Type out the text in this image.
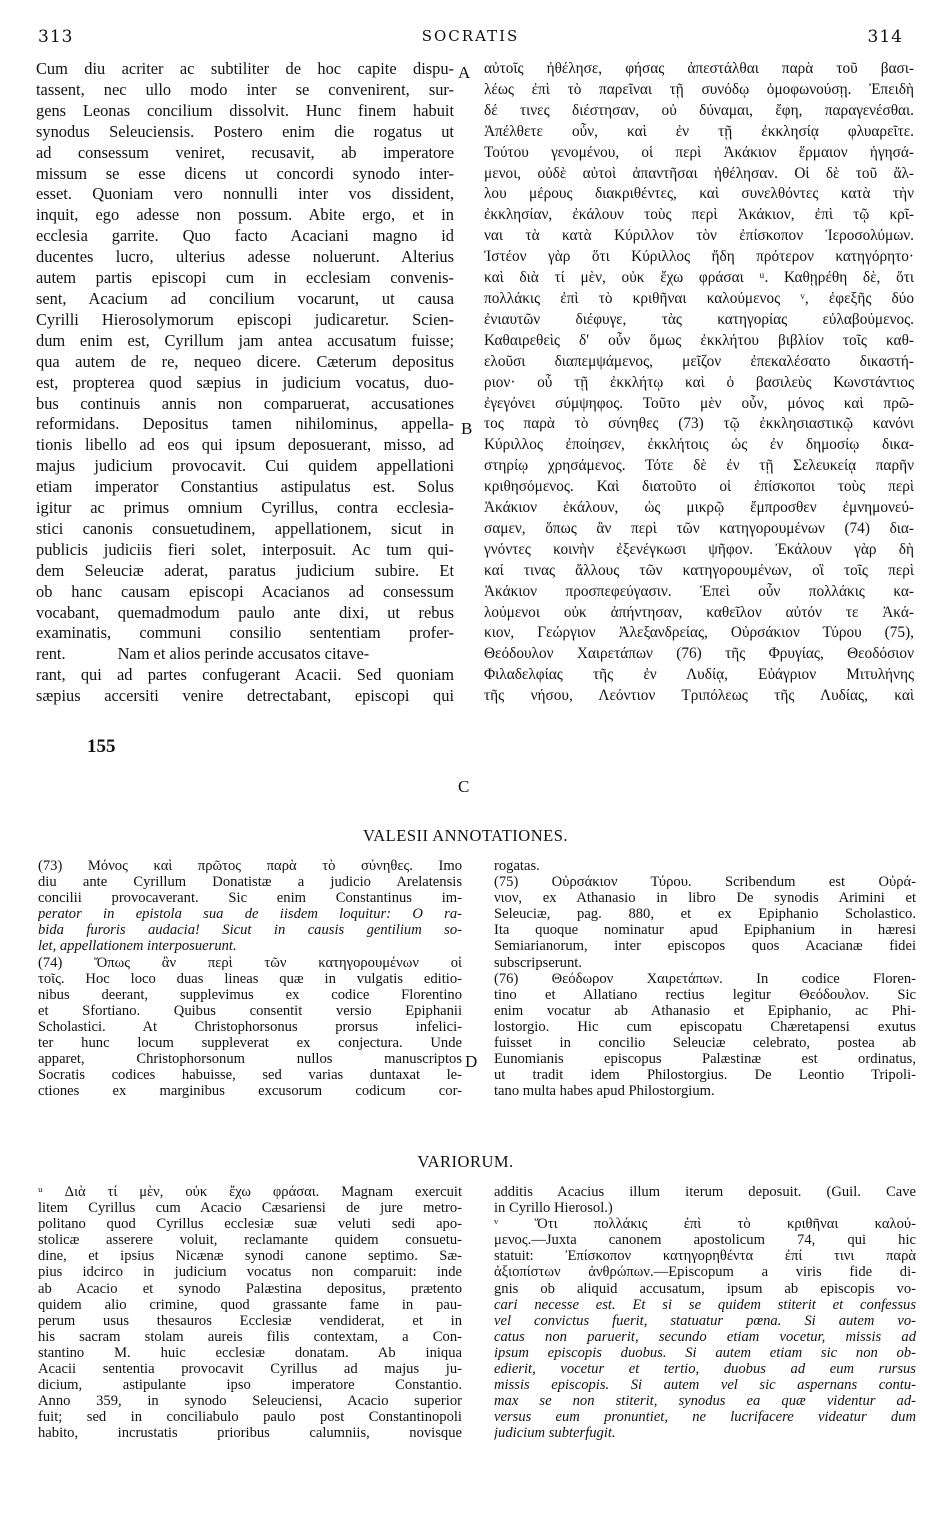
313	SOCRATIS	314
Cum diu acriter ac subtiliter de hoc capite dispu-
tassent, nec ullo modo inter se convenirent, sur-
gens Leonas concilium dissolvit. Hunc finem habuit
synodus Seleuciensis. Postero enim die rogatus ut
ad consessum veniret, recusavit, ab imperatore
missum se esse dicens ut concordi synodo inter-
esset. Quoniam vero nonnulli inter vos dissident,
inquit, ego adesse non possum. Abite ergo, et in
ecclesia garrite. Quo facto Acaciani magno id
ducentes lucro, ulterius adesse noluerunt. Alterius
autem partis episcopi cum in ecclesiam convenis-
sent, Acacium ad concilium vocarunt, ut causa
Cyrilli Hierosolymorum episcopi judicaretur. Scien-
dum enim est, Cyrillum jam antea accusatum fuisse;
qua autem de re, nequeo dicere. Cæterum depositus
est, propterea quod sæpius in judicium vocatus, duo-
bus continuis annis non comparuerat, accusationes
reformidans. Depositus tamen nihilominus, appella-
tionis libello ad eos qui ipsum deposuerant, misso, ad
majus judicium provocavit. Cui quidem appellationi
etiam imperator Constantius astipulatus est. Solus
igitur ac primus omnium Cyrillus, contra ecclesia-
stici canonis consuetudinem, appellationem, sicut in
publicis judiciis fieri solet, interposuit. Ac tum qui-
dem Seleuciæ aderat, paratus judicium subire. Et
ob hanc causam episcopi Acacianos ad consessum
vocabant, quemadmodum paulo ante dixi, ut rebus
examinatis, communi consilio sententiam profer-
rent.	Nam et alios perinde accusatos citave-
rant, qui ad partes confugerant Acacii. Sed quoniam
sæpius accersiti venire detrectabant, episcopi qui
155
A
B
C
D
αὐτοῖς ἠθέλησε, φήσας ἀπεστάλθαι παρὰ τοῦ βασι-
λέως ἐπὶ τὸ παρεῖναι τῇ συνόδῳ ὁμοφωνούσῃ. Ἐπειδὴ
δέ τινες διέστησαν, οὐ δύναμαι, ἔφη, παραγενέσθαι.
Ἀπέλθετε οὖν, καὶ ἐν τῇ ἐκκλησίᾳ φλυαρεῖτε.
Τούτου γενομένου, οἱ περὶ Ἀκάκιον ἕρμαιον ἡγησά-
μενοι, οὐδὲ αὐτοὶ ἀπαντῆσαι ἠθέλησαν. Οἱ δὲ τοῦ ἄλ-
λου μέρους διακριθέντες, καὶ συνελθόντες κατὰ τὴν
ἐκκλησίαν, ἐκάλουν τοὺς περὶ Ἀκάκιον, ἐπὶ τῷ κρῖ-
ναι τὰ κατὰ Κύριλλον τὸν ἐπίσκοπον Ἱεροσολύμων.
Ἰστέον γὰρ ὅτι Κύριλλος ἤδη πρότερον κατηγόρητο·
καὶ διὰ τί μὲν, οὐκ ἔχω φράσαι ᵘ. Καθῃρέθη δὲ, ὅτι
πολλάκις ἐπὶ τὸ κριθῆναι καλούμενος ᵛ, ἐφεξῆς δύο
ἐνιαυτῶν διέφυγε, τὰς κατηγορίας εὐλαβούμενος.
Καθαιρεθεὶς δ' οὖν ὅμως ἐκκλήτου βιβλίον τοῖς καθ-
ελοῦσι διαπεμψάμενος, μεῖζον ἐπεκαλέσατο δικαστή-
ριον· οὗ τῇ ἐκκλήτῳ καὶ ὁ βασιλεὺς Κωνστάντιος
ἐγεγόνει σύμψηφος. Τοῦτο μὲν οὖν, μόνος καὶ πρῶ-
τος παρὰ τὸ σύνηθες (73) τῷ ἐκκλησιαστικῷ κανόνι
Κύριλλος ἐποίησεν, ἐκκλήτοις ὡς ἐν δημοσίῳ δικα-
στηρίῳ χρησάμενος. Τότε δὲ ἐν τῇ Σελευκείᾳ παρῆν
κριθησόμενος. Καὶ διατοῦτο οἱ ἐπίσκοποι τοὺς περὶ
Ἀκάκιον ἐκάλουν, ὡς μικρῷ ἔμπροσθεν ἐμνημονεύ-
σαμεν, ὅπως ἂν περὶ τῶν κατηγορουμένων (74) δια-
γνόντες κοινὴν ἐξενέγκωσι ψῆφον. Ἐκάλουν γὰρ δὴ
καί τινας ἄλλους τῶν κατηγορουμένων, οἳ τοῖς περὶ
Ἀκάκιον προσπεφεύγασιν. Ἐπεὶ οὖν πολλάκις κα-
λούμενοι οὐκ ἀπήντησαν, καθεῖλον αὐτόν τε Ἀκά-
κιον, Γεώργιον Ἀλεξανδρείας, Οὐρσάκιον Τύρου (75),
Θεόδουλον Χαιρετάπων (76) τῆς Φρυγίας, Θεοδόσιον
Φιλαδελφίας τῆς ἐν Λυδίᾳ, Εὐάγριον Μιτυλήνης
τῆς νήσου, Λεόντιον Τριπόλεως τῆς Λυδίας, καὶ
VALESII ANNOTATIONES.
(73) Μόνος καὶ πρῶτος παρὰ τὸ σύνηθες. Imo
diu ante Cyrillum Donatistæ a judicio Arelatensis
concilii provocaverant. Sic enim Constantinus im-
perator in epistola sua de iisdem loquitur: O ra-
bida furoris audacia! Sicut in causis gentilium so-
let, appellationem interposuerunt.
(74) Ὅπως ἂν περὶ τῶν κατηγορουμένων οἱ
τοῖς. Hoc loco duas lineas quæ in vulgatis editio-
nibus deerant, supplevimus ex codice Florentino
et Sfortiano. Quibus consentit versio Epiphanii
Scholastici. At Christophorsonus prorsus infelici-
ter hunc locum suppleverat ex conjectura. Unde
apparet, Christophorsonum nullos manuscriptos
Socratis codices habuisse, sed varias duntaxat le-
ctiones ex marginibus excusorum codicum cor-
rogatas.
(75) Οὐρσάκιον Τύρου. Scribendum est Οὐρά-
νιον, ex Athanasio in libro De synodis Arimini et
Seleuciæ, pag. 880, et ex Epiphanio Scholastico.
Ita quoque nominatur apud Epiphanium in hæresi
Semiarianorum, inter episcopos quos Acacianæ fidei
subscripserunt.
(76) Θεόδωρον Χαιρετάπων. In codice Floren-
tino et Allatiano rectius legitur Θεόδουλον. Sic
enim vocatur ab Athanasio et Epiphanio, ac Phi-
lostorgio. Hic cum episcopatu Chæretapensi exutus
fuisset in concilio Seleuciæ celebrato, postea ab
Eunomianis episcopus Palæstinæ est ordinatus,
ut tradit idem Philostorgius. De Leontio Tripoli-
tano multa habes apud Philostorgium.
VARIORUM.
ᵘ Διὰ τί μὲν, οὐκ ἔχω φράσαι. Magnam exercuit
litem Cyrillus cum Acacio Cæsariensi de jure metro-
politano quod Cyrillus ecclesiæ suæ veluti sedi apo-
stolicæ asserere voluit, reclamante quidem consuetu-
dine, et ipsius Nicænæ synodi canone septimo. Sæ-
pius idcirco in judicium vocatus non comparuit: inde
ab Acacio et synodo Palæstina depositus, prætento
quidem alio crimine, quod grassante fame in pau-
perum usus thesauros Ecclesiæ vendiderat, et in
his sacram stolam aureis filis contextam, a Con-
stantino M. huic ecclesiæ donatam. Ab iniqua
Acacii sententia provocavit Cyrillus ad majus ju-
dicium, astipulante ipso imperatore Constantio.
Anno 359, in synodo Seleuciensi, Acacio superior
fuit; sed in conciliabulo paulo post Constantinopoli
habito, incrustatis prioribus calumniis, novisque
additis Acacius illum iterum deposuit. (Guil. Cave
in Cyrillo Hierosol.)
ᵛ Ὅτι πολλάκις ἐπὶ τὸ κριθῆναι καλού-
μενος.—Juxta canonem apostolicum 74, qui hic
statuit: Ἐπίσκοπον κατηγορηθέντα ἐπί τινι παρὰ
ἀξιοπίστων ἀνθρώπων.—Episcopum a viris fide di-
gnis ob aliquid accusatum, ipsum ab episcopis vo-
cari necesse est. Et si se quidem stiterit et confessus
vel convictus fuerit, statuatur pœna. Si autem vo-
catus non paruerit, secundo etiam vocetur, missis ad
ipsum episcopis duobus. Si autem etiam sic non ob-
edierit, vocetur et tertio, duobus ad eum rursus
missis episcopis. Si autem vel sic aspernans contu-
max se non stiterit, synodus ea quæ videntur ad-
versus eum pronuntiet, ne lucrifacere videatur dum
judicium subterfugit.
